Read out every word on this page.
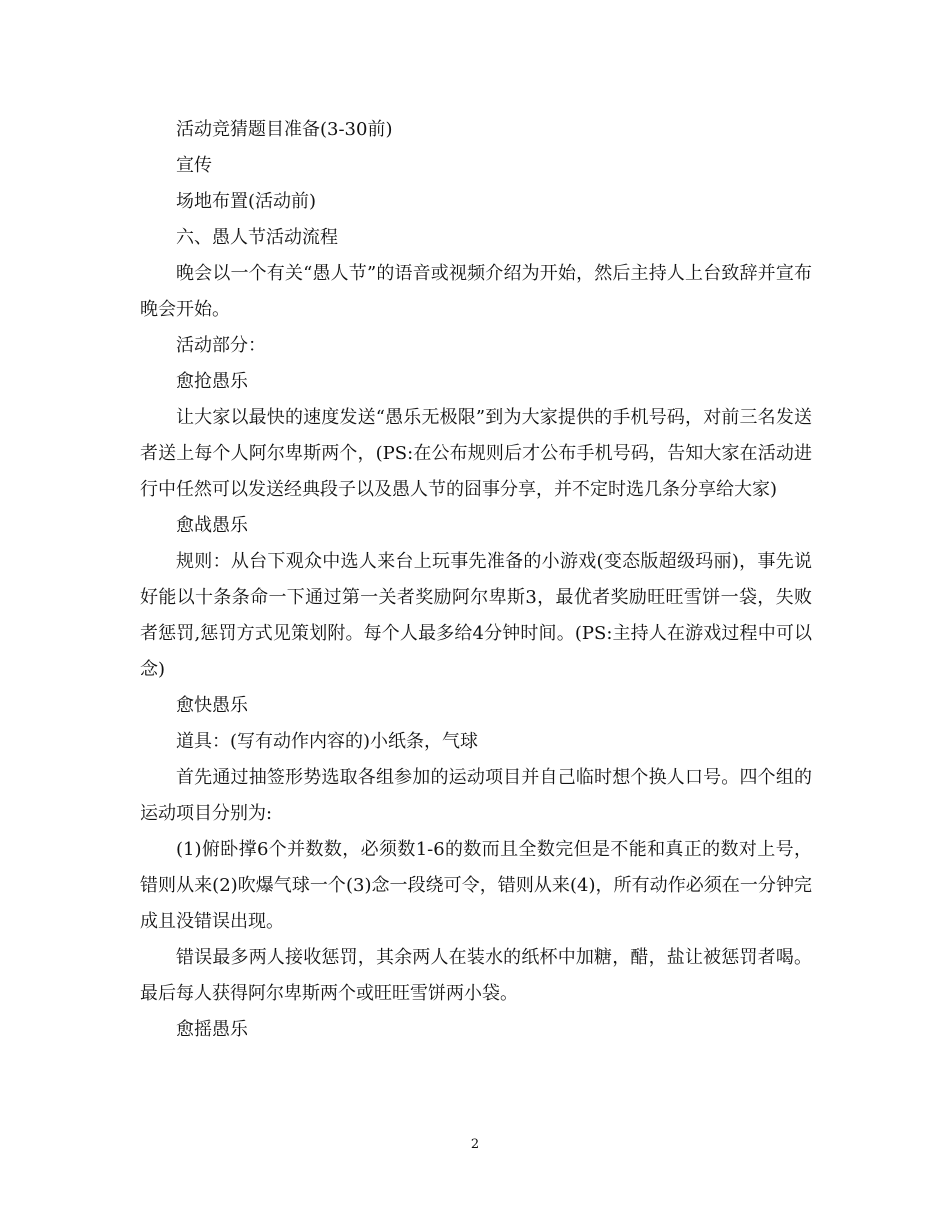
活动竞猜题目准备(3-30前)

宣传

场地布置(活动前)

六、愚人节活动流程

晚会以一个有关“愚人节”的语音或视频介绍为开始，然后主持人上台致辞并宣布晚会开始。

活动部分：

愈抢愚乐

让大家以最快的速度发送“愚乐无极限”到为大家提供的手机号码，对前三名发送者送上每个人阿尔卑斯两个，(PS:在公布规则后才公布手机号码，告知大家在活动进行中任然可以发送经典段子以及愚人节的囧事分享，并不定时选几条分享给大家)

愈战愚乐

规则：从台下观众中选人来台上玩事先准备的小游戏(变态版超级玛丽)，事先说好能以十条条命一下通过第一关者奖励阿尔卑斯3，最优者奖励旺旺雪饼一袋，失败者惩罚,惩罚方式见策划附。每个人最多给4分钟时间。(PS:主持人在游戏过程中可以念)

愈快愚乐

道具：(写有动作内容的)小纸条，气球

首先通过抽签形势选取各组参加的运动项目并自己临时想个换人口号。四个组的运动项目分别为:

(1)俯卧撑6个并数数，必须数1-6的数而且全数完但是不能和真正的数对上号，错则从来(2)吹爆气球一个(3)念一段绕可令，错则从来(4)，所有动作必须在一分钟完成且没错误出现。

错误最多两人接收惩罚，其余两人在装水的纸杯中加糖，醋，盐让被惩罚者喝。最后每人获得阿尔卑斯两个或旺旺雪饼两小袋。

愈摇愚乐

2
